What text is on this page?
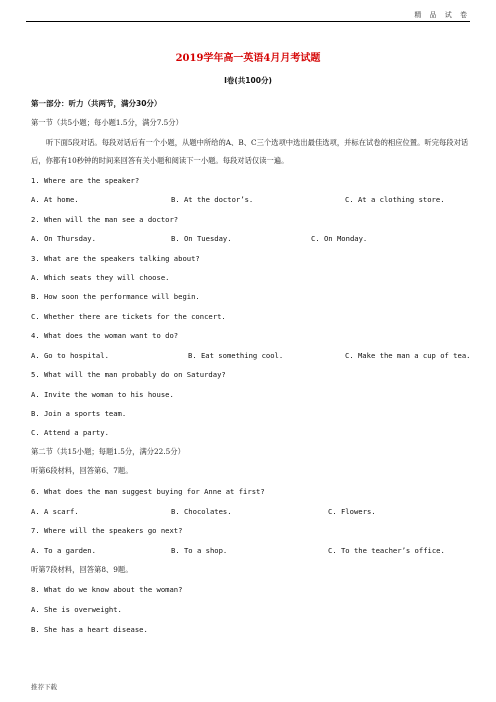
精 品 试 卷
2019学年高一英语4月月考试题
I卷(共100分)
第一部分：听力（共两节，满分30分）
第一节（共5小题；每小题1.5分，满分7.5分）
听下面5段对话。每段对话后有一个小题，从题中所给的A、B、C三个选项中选出最佳选项，并标在试卷的相应位置。听完每段对话后，你都有10秒钟的时间来回答有关小题和阅读下一小题。每段对话仅读一遍。
1. Where are the speaker?
A. At home.	B. At the doctor’s.	C. At a clothing store.
2. When will the man see a doctor?
A. On Thursday.	B. On Tuesday.	C. On Monday.
3. What are the speakers talking about?
A. Which seats they will choose.
B. How soon the performance will begin.
C. Whether there are tickets for the concert.
4. What does the woman want to do?
A. Go to hospital.	B. Eat something cool.	C. Make the man a cup of tea.
5. What will the man probably do on Saturday?
A. Invite the woman to his house.
B. Join a sports team.
C. Attend a party.
第二节（共15小题；每题1.5分，满分22.5分）
听第6段材料，回答第6、7题。
6. What does the man suggest buying for Anne at first?
A. A scarf.	B. Chocolates.	C. Flowers.
7. Where will the speakers go next?
A. To a garden.	B. To a shop.	C. To the teacher’s office.
听第7段材料，回答第8、9题。
8. What do we know about the woman?
A. She is overweight.
B. She has a heart disease.
推荐下载
